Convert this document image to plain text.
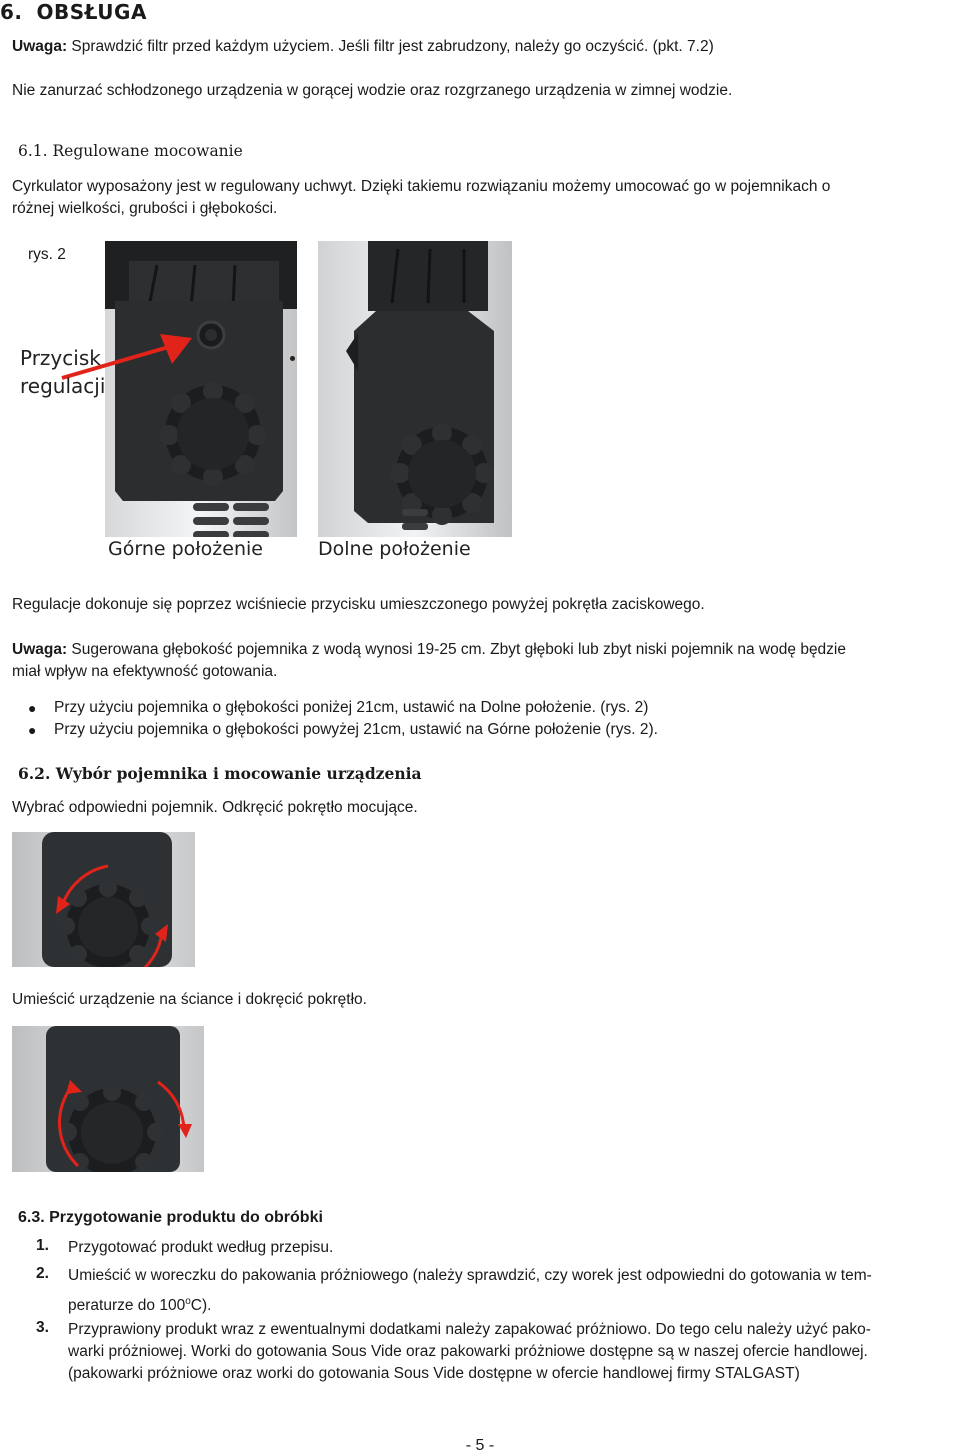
6. OBSŁUGA
Uwaga: Sprawdzić filtr przed każdym użyciem. Jeśli filtr jest zabrudzony, należy go oczyścić. (pkt. 7.2)
Nie zanurzać schłodzonego urządzenia w gorącej wodzie oraz rozgrzanego urządzenia w zimnej wodzie.
6.1. Regulowane mocowanie
Cyrkulator wyposażony jest w regulowany uchwyt. Dzięki takiemu rozwiązaniu możemy umocować go w pojemnikach o
różnej wielkości, grubości i głębokości.
rys. 2
Przycisk
regulacji
Górne położenie	Dolne położenie
Regulacje dokonuje się poprzez wciśniecie przycisku umieszczonego powyżej pokrętła zaciskowego.
Uwaga: Sugerowana głębokość pojemnika z wodą wynosi 19-25 cm. Zbyt głęboki lub zbyt niski pojemnik na wodę będzie
miał wpływ na efektywność gotowania.
● Przy użyciu pojemnika o głębokości poniżej 21cm, ustawić na Dolne położenie. (rys. 2)
● Przy użyciu pojemnika o głębokości powyżej 21cm, ustawić na Górne położenie (rys. 2).
6.2. Wybór pojemnika i mocowanie urządzenia
Wybrać odpowiedni pojemnik. Odkręcić pokrętło mocujące.
Umieścić urządzenie na ściance i dokręcić pokrętło.
6.3. Przygotowanie produktu do obróbki
1. Przygotować produkt według przepisu.
2. Umieścić w woreczku do pakowania próżniowego (należy sprawdzić, czy worek jest odpowiedni do gotowania w tem-
peraturze do 100$^o$C).
3. Przyprawiony produkt wraz z ewentualnymi dodatkami należy zapakować próżniowo. Do tego celu należy użyć pako-
warki próżniowej. Worki do gotowania Sous Vide oraz pakowarki próżniowe dostępne są w naszej ofercie handlowej.
(pakowarki próżniowe oraz worki do gotowania Sous Vide dostępne w ofercie handlowej firmy STALGAST)
- 5 -
